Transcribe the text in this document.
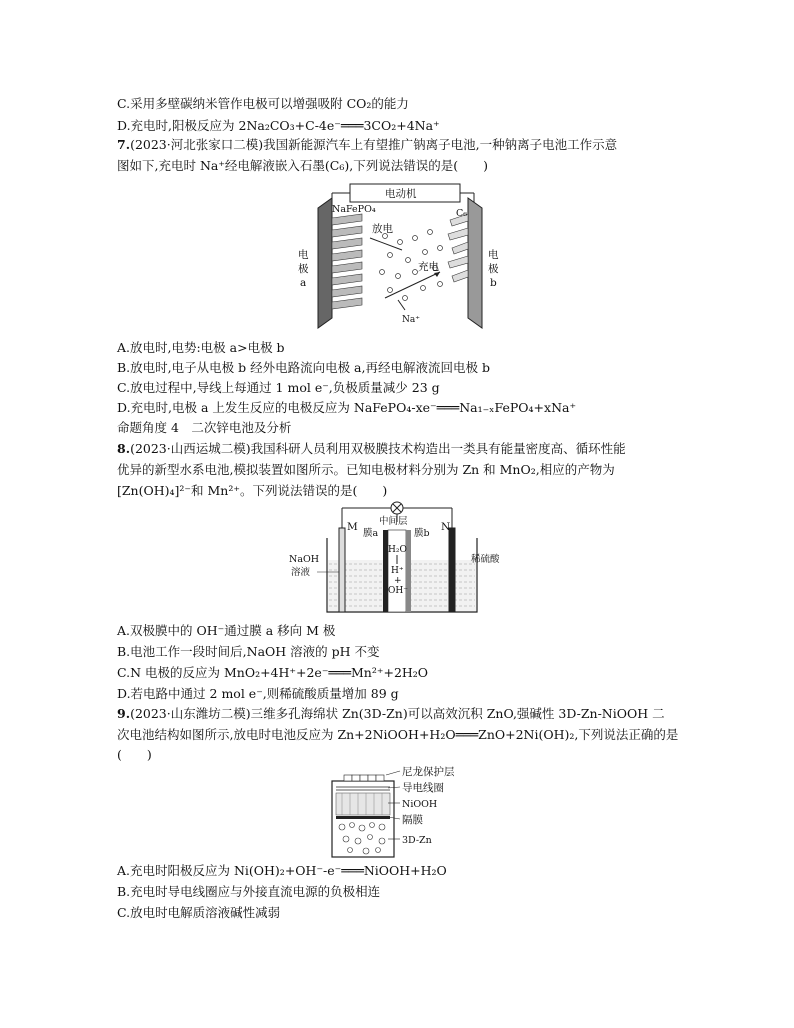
C.采用多壁碳纳米管作电极可以增强吸附 CO₂的能力
D.充电时,阳极反应为 2Na₂CO₃+C-4e⁻═══3CO₂+4Na⁺
7.(2023·河北张家口二模)我国新能源汽车上有望推广钠离子电池,一种钠离子电池工作示意
图如下,充电时 Na⁺经电解液嵌入石墨(C₆),下列说法错误的是(　　)
电动机
NaFePO₄	C₆
放电
充电
Na⁺
电
极
a
电
极
b
A.放电时,电势:电极 a>电极 b
B.放电时,电子从电极 b 经外电路流向电极 a,再经电解液流回电极 b
C.放电过程中,导线上每通过 1 mol e⁻,负极质量减少 23 g
D.充电时,电极 a 上发生反应的电极反应为 NaFePO₄-xe⁻═══Na₁₋ₓFePO₄+xNa⁺
命题角度 4　二次锌电池及分析
8.(2023·山西运城二模)我国科研人员利用双极膜技术构造出一类具有能量密度高、循环性能
优异的新型水系电池,模拟装置如图所示。已知电极材料分别为 Zn 和 MnO₂,相应的产物为
[Zn(OH)₄]²⁻和 Mn²⁺。下列说法错误的是(　　)
M	N
中间层
膜a	膜b
H₂O
H⁺
+
OH⁻
NaOH
溶液
稀硫酸
A.双极膜中的 OH⁻通过膜 a 移向 M 极
B.电池工作一段时间后,NaOH 溶液的 pH 不变
C.N 电极的反应为 MnO₂+4H⁺+2e⁻═══Mn²⁺+2H₂O
D.若电路中通过 2 mol e⁻,则稀硫酸质量增加 89 g
9.(2023·山东潍坊二模)三维多孔海绵状 Zn(3D-Zn)可以高效沉积 ZnO,强碱性 3D-Zn-NiOOH 二
次电池结构如图所示,放电时电池反应为 Zn+2NiOOH+H₂O═══ZnO+2Ni(OH)₂,下列说法正确的是
(　　)
尼龙保护层
导电线圈
NiOOH
隔膜
3D-Zn
A.充电时阳极反应为 Ni(OH)₂+OH⁻-e⁻═══NiOOH+H₂O
B.充电时导电线圈应与外接直流电源的负极相连
C.放电时电解质溶液碱性减弱
